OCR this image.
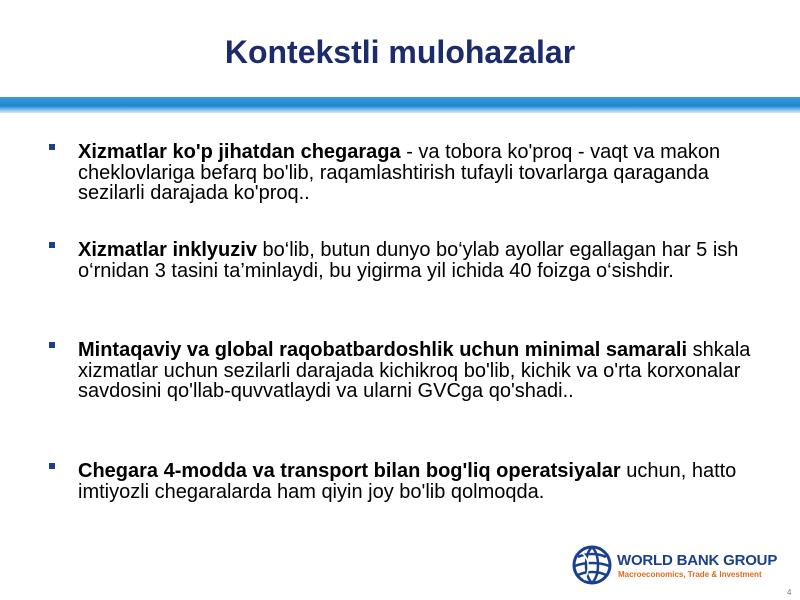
Kontekstli mulohazalar
Xizmatlar ko'p jihatdan chegaraga - va tobora ko'proq - vaqt va makon cheklovlariga befarq bo'lib, raqamlashtirish tufayli tovarlarga qaraganda sezilarli darajada ko'proq..
Xizmatlar inklyuziv bo‘lib, butun dunyo bo‘ylab ayollar egallagan har 5 ish o‘rnidan 3 tasini ta’minlaydi, bu yigirma yil ichida 40 foizga o‘sishdir.
Mintaqaviy va global raqobatbardoshlik uchun minimal samarali shkala xizmatlar uchun sezilarli darajada kichikroq bo'lib, kichik va o'rta korxonalar savdosini qo'llab-quvvatlaydi va ularni GVCga qo'shadi..
Chegara 4-modda va transport bilan bog'liq operatsiyalar uchun, hatto imtiyozli chegaralarda ham qiyin joy bo'lib qolmoqda.
WORLD BANK GROUP
Macroeconomics, Trade & Investment
4
